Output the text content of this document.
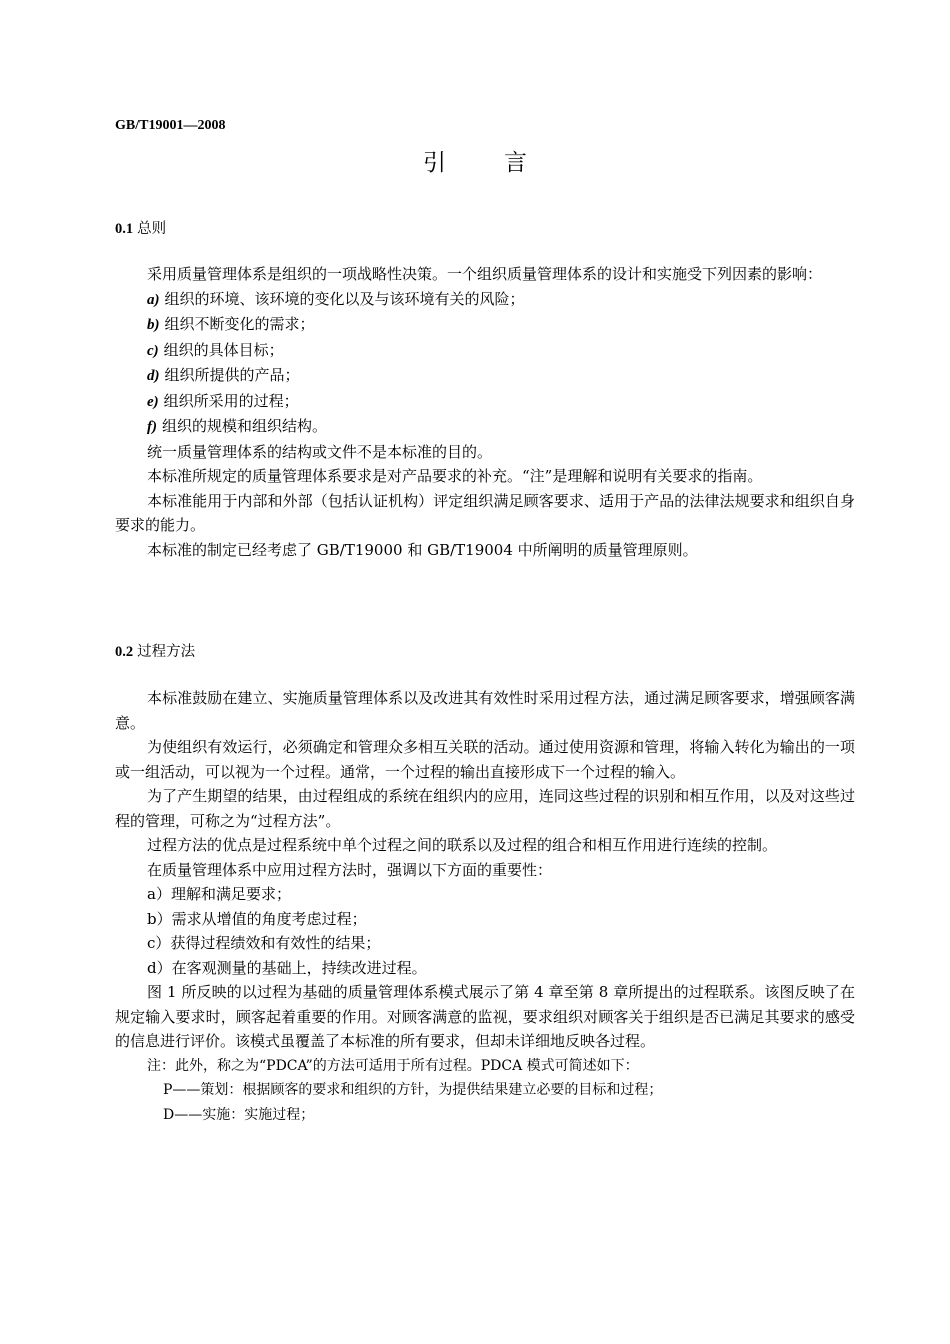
GB/T19001—2008
引言
0.1 总则

采用质量管理体系是组织的一项战略性决策。一个组织质量管理体系的设计和实施受下列因素的影响：

a) 组织的环境、该环境的变化以及与该环境有关的风险；

b) 组织不断变化的需求；

c) 组织的具体目标；

d) 组织所提供的产品；

e) 组织所采用的过程；

f) 组织的规模和组织结构。

统一质量管理体系的结构或文件不是本标准的目的。

本标准所规定的质量管理体系要求是对产品要求的补充。“注”是理解和说明有关要求的指南。

本标准能用于内部和外部（包括认证机构）评定组织满足顾客要求、适用于产品的法律法规要求和组织自身要求的能力。

本标准的制定已经考虑了 GB/T19000 和 GB/T19004 中所阐明的质量管理原则。

0.2 过程方法

本标准鼓励在建立、实施质量管理体系以及改进其有效性时采用过程方法，通过满足顾客要求，增强顾客满意。

为使组织有效运行，必须确定和管理众多相互关联的活动。通过使用资源和管理，将输入转化为输出的一项或一组活动，可以视为一个过程。通常，一个过程的输出直接形成下一个过程的输入。

为了产生期望的结果，由过程组成的系统在组织内的应用，连同这些过程的识别和相互作用，以及对这些过程的管理，可称之为“过程方法”。

过程方法的优点是过程系统中单个过程之间的联系以及过程的组合和相互作用进行连续的控制。

在质量管理体系中应用过程方法时，强调以下方面的重要性：

a）理解和满足要求；

b）需求从增值的角度考虑过程；

c）获得过程绩效和有效性的结果；

d）在客观测量的基础上，持续改进过程。

图 1 所反映的以过程为基础的质量管理体系模式展示了第 4 章至第 8 章所提出的过程联系。该图反映了在规定输入要求时，顾客起着重要的作用。对顾客满意的监视，要求组织对顾客关于组织是否已满足其要求的感受的信息进行评价。该模式虽覆盖了本标准的所有要求，但却未详细地反映各过程。

注：此外，称之为“PDCA”的方法可适用于所有过程。PDCA 模式可简述如下：

P——策划：根据顾客的要求和组织的方针，为提供结果建立必要的目标和过程；

D——实施：实施过程；
